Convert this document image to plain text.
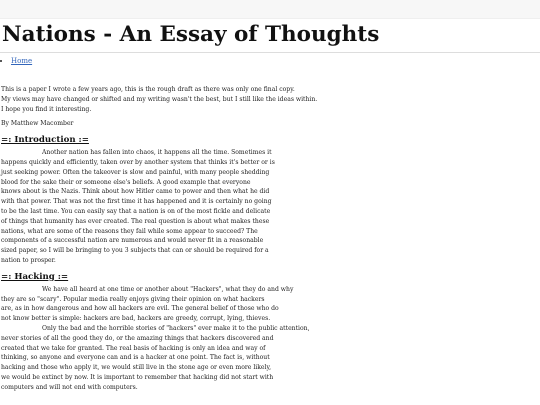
Nations - An Essay of Thoughts
• Home
This is a paper I wrote a few years ago, this is the rough draft as there was only one final copy.
My views may have changed or shifted and my writing wasn't the best, but I still like the ideas within.
I hope you find it interesting.
By Matthew Macomber
=: Introduction :=
Another nation has fallen into chaos, it happens all the time. Sometimes it
happens quickly and efficiently, taken over by another system that thinks it's better or is
just seeking power. Often the takeover is slow and painful, with many people shedding
blood for the sake their or someone else's beliefs. A good example that everyone
knows about is the Nazis. Think about how Hitler came to power and then what he did
with that power. That was not the first time it has happened and it is certainly no going
to be the last time. You can easily say that a nation is on of the most fickle and delicate
of things that humanity has ever created. The real question is about what makes these
nations, what are some of the reasons they fail while some appear to succeed? The
components of a successful nation are numerous and would never fit in a reasonable
sized paper, so I will be bringing to you 3 subjects that can or should be required for a
nation to prosper.
=: Hacking :=
We have all heard at one time or another about "Hackers", what they do and why
they are so "scary". Popular media really enjoys giving their opinion on what hackers
are, as in how dangerous and how all hackers are evil. The general belief of those who do
not know better is simple: hackers are bad, hackers are greedy, corrupt, lying, thieves.
Only the bad and the horrible stories of "hackers" ever make it to the public attention,
never stories of all the good they do, or the amazing things that hackers discovered and
created that we take for granted. The real basis of hacking is only an idea and way of
thinking, so anyone and everyone can and is a hacker at one point. The fact is, without
hacking and those who apply it, we would still live in the stone age or even more likely,
we would be extinct by now. It is important to remember that hacking did not start with
computers and will not end with computers.
